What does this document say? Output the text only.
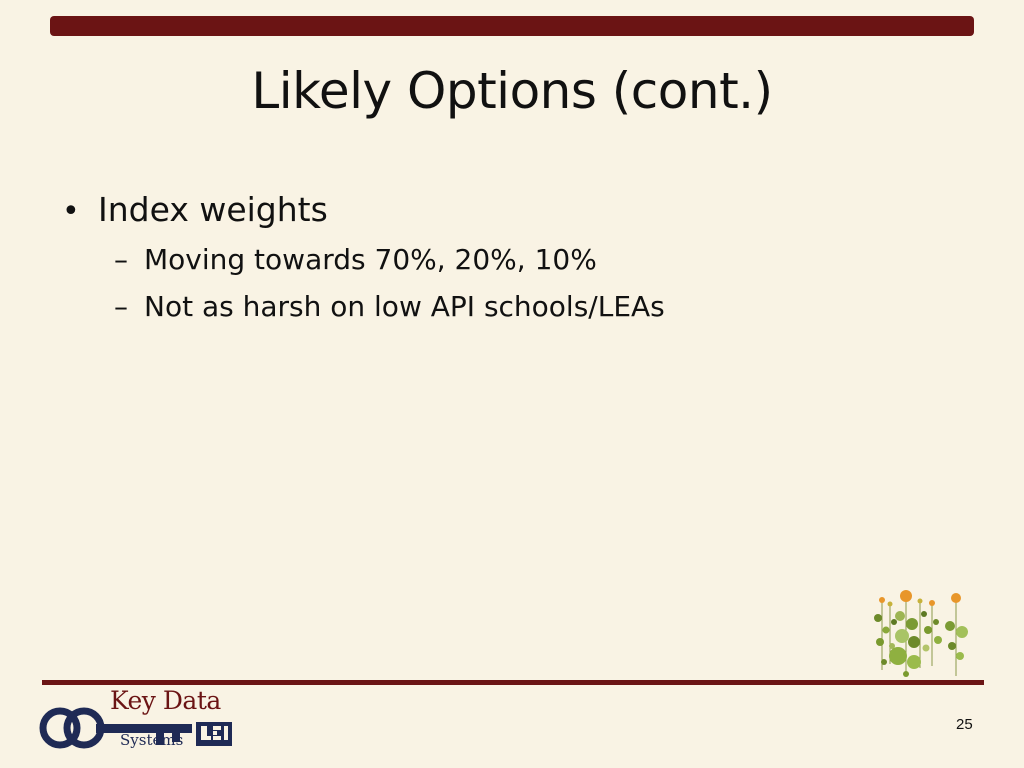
Likely Options (cont.)
• Index weights
– Moving towards 70%, 20%, 10%
– Not as harsh on low API schools/LEAs
Key Data
Systems
25
